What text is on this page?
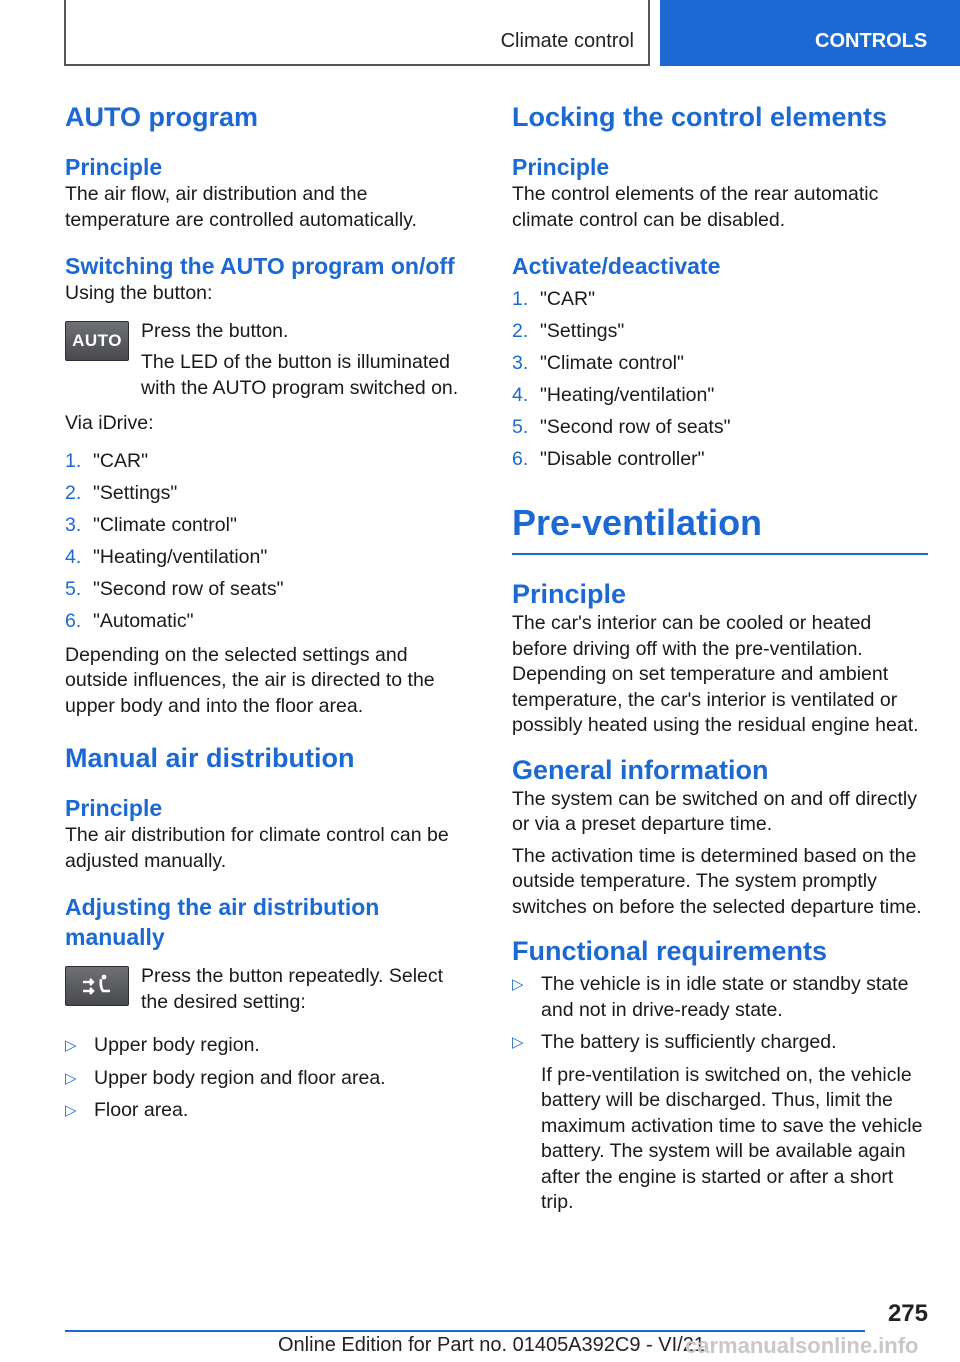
Climate control	CONTROLS
AUTO program
Principle

The air flow, air distribution and the temperature are controlled automatically.

Switching the AUTO program on/off

Using the button:

AUTO Press the button.

The LED of the button is illuminated with the AUTO program switched on.

Via iDrive:

1. "CAR"
2. "Settings"
3. "Climate control"
4. "Heating/ventilation"
5. "Second row of seats"
6. "Automatic"

Depending on the selected settings and outside influences, the air is directed to the upper body and into the floor area.

Manual air distribution
Principle

The air distribution for climate control can be adjusted manually.

Adjusting the air distribution manually

Press the button repeatedly. Select the desired setting:

▷ Upper body region.
▷ Upper body region and floor area.
▷ Floor area.
Locking the control elements
Principle

The control elements of the rear automatic climate control can be disabled.

Activate/deactivate
1. "CAR"
2. "Settings"
3. "Climate control"
4. "Heating/ventilation"
5. "Second row of seats"
6. "Disable controller"
Pre-ventilation
Principle

The car's interior can be cooled or heated before driving off with the pre-ventilation. Depending on set temperature and ambient temperature, the car's interior is ventilated or possibly heated using the residual engine heat.

General information

The system can be switched on and off directly or via a preset departure time.

The activation time is determined based on the outside temperature. The system promptly switches on before the selected departure time.

Functional requirements
▷ The vehicle is in idle state or standby state and not in drive-ready state.
▷ The battery is sufficiently charged.

If pre-ventilation is switched on, the vehicle battery will be discharged. Thus, limit the maximum activation time to save the vehicle battery. The system will be available again after the engine is started or after a short trip.

275
Online Edition for Part no. 01405A392C9 - VI/21
carmanualsonline.info
